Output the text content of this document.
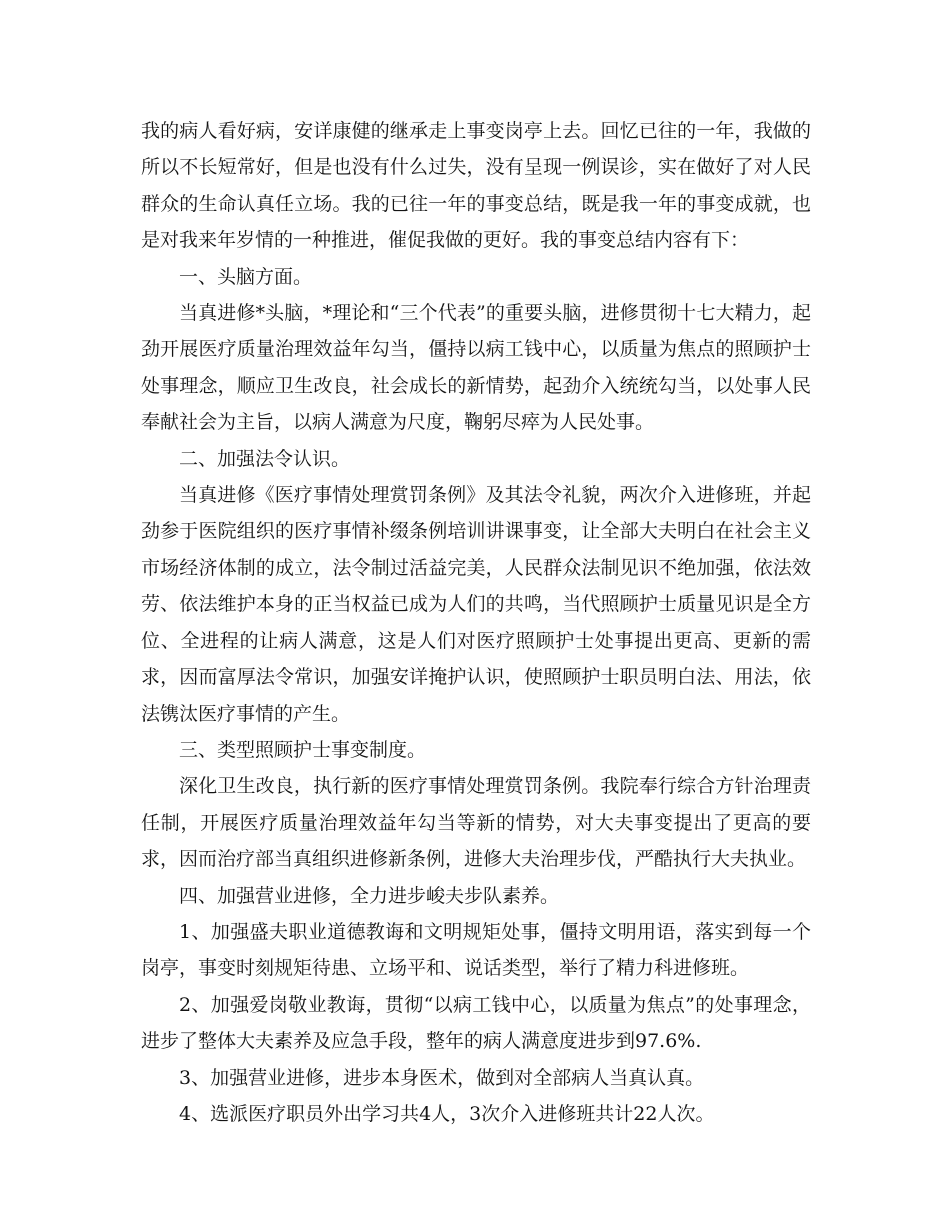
我的病人看好病，安详康健的继承走上事变岗亭上去。回忆已往的一年，我做的所以不长短常好，但是也没有什么过失，没有呈现一例误诊，实在做好了对人民群众的生命认真任立场。我的已往一年的事变总结，既是我一年的事变成就，也是对我来年岁情的一种推进，催促我做的更好。我的事变总结内容有下：

一、头脑方面。

当真进修*头脑，*理论和“三个代表”的重要头脑，进修贯彻十七大精力，起劲开展医疗质量治理效益年勾当，僵持以病工钱中心，以质量为焦点的照顾护士处事理念，顺应卫生改良，社会成长的新情势，起劲介入统统勾当，以处事人民奉献社会为主旨，以病人满意为尺度，鞠躬尽瘁为人民处事。

二、加强法令认识。

当真进修《医疗事情处理赏罚条例》及其法令礼貌，两次介入进修班，并起劲参于医院组织的医疗事情补缀条例培训讲课事变，让全部大夫明白在社会主义市场经济体制的成立，法令制过活益完美，人民群众法制见识不绝加强，依法效劳、依法维护本身的正当权益已成为人们的共鸣，当代照顾护士质量见识是全方位、全进程的让病人满意，这是人们对医疗照顾护士处事提出更高、更新的需求，因而富厚法令常识，加强安详掩护认识，使照顾护士职员明白法、用法，依法镌汰医疗事情的产生。

三、类型照顾护士事变制度。

深化卫生改良，执行新的医疗事情处理赏罚条例。我院奉行综合方针治理责任制，开展医疗质量治理效益年勾当等新的情势，对大夫事变提出了更高的要求，因而治疗部当真组织进修新条例，进修大夫治理步伐，严酷执行大夫执业。

四、加强营业进修，全力进步峻夫步队素养。

1、加强盛夫职业道德教诲和文明规矩处事，僵持文明用语，落实到每一个岗亭，事变时刻规矩待患、立场平和、说话类型，举行了精力科进修班。

2、加强爱岗敬业教诲，贯彻“以病工钱中心，以质量为焦点”的处事理念，进步了整体大夫素养及应急手段，整年的病人满意度进步到97.6%.

3、加强营业进修，进步本身医术，做到对全部病人当真认真。

4、选派医疗职员外出学习共4人，3次介入进修班共计22人次。
